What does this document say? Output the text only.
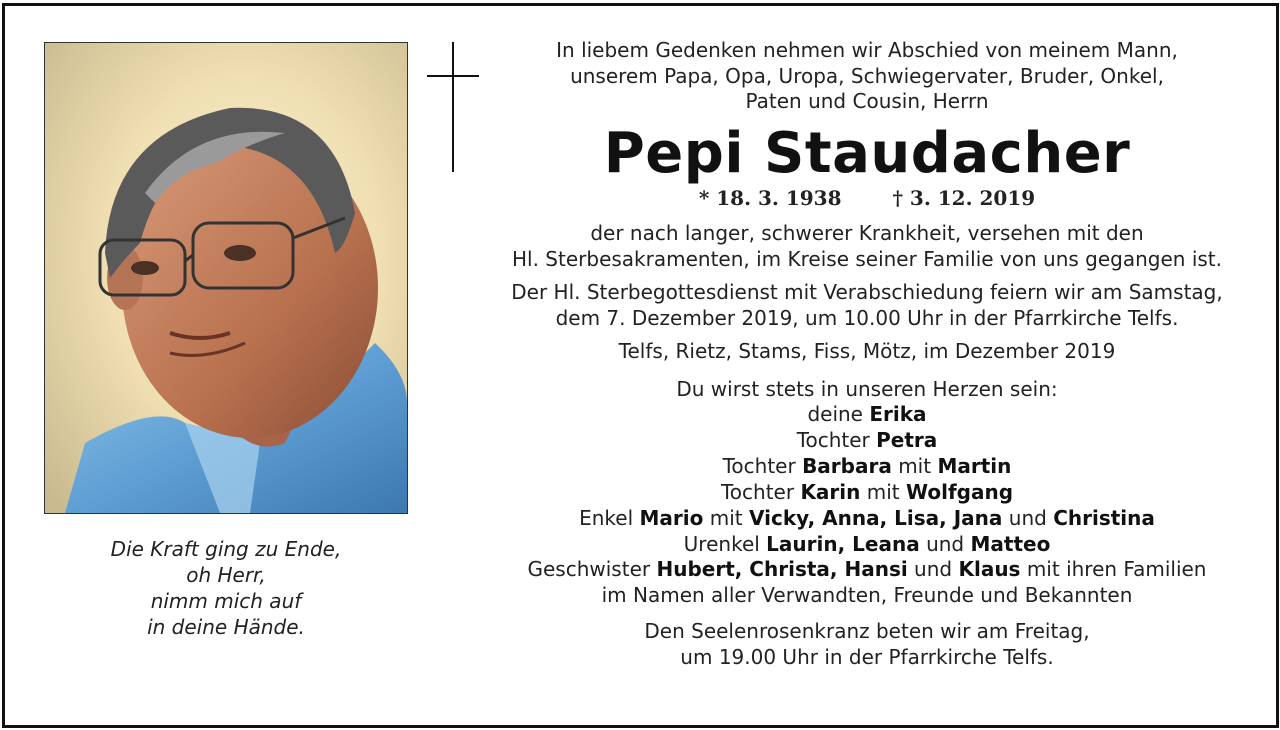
Die Kraft ging zu Ende,
oh Herr,
nimm mich auf
in deine Hände.
In liebem Gedenken nehmen wir Abschied von meinem Mann,
unserem Papa, Opa, Uropa, Schwiegervater, Bruder, Onkel,
Paten und Cousin, Herrn
Pepi Staudacher
* 18. 3. 1938	† 3. 12. 2019
der nach langer, schwerer Krankheit, versehen mit den
Hl. Sterbesakramenten, im Kreise seiner Familie von uns gegangen ist.
Der Hl. Sterbegottesdienst mit Verabschiedung feiern wir am Samstag,
dem 7. Dezember 2019, um 10.00 Uhr in der Pfarrkirche Telfs.
Telfs, Rietz, Stams, Fiss, Mötz, im Dezember 2019
Du wirst stets in unseren Herzen sein:
deine Erika
Tochter Petra
Tochter Barbara mit Martin
Tochter Karin mit Wolfgang
Enkel Mario mit Vicky, Anna, Lisa, Jana und Christina
Urenkel Laurin, Leana und Matteo
Geschwister Hubert, Christa, Hansi und Klaus mit ihren Familien
im Namen aller Verwandten, Freunde und Bekannten
Den Seelenrosenkranz beten wir am Freitag,
um 19.00 Uhr in der Pfarrkirche Telfs.
